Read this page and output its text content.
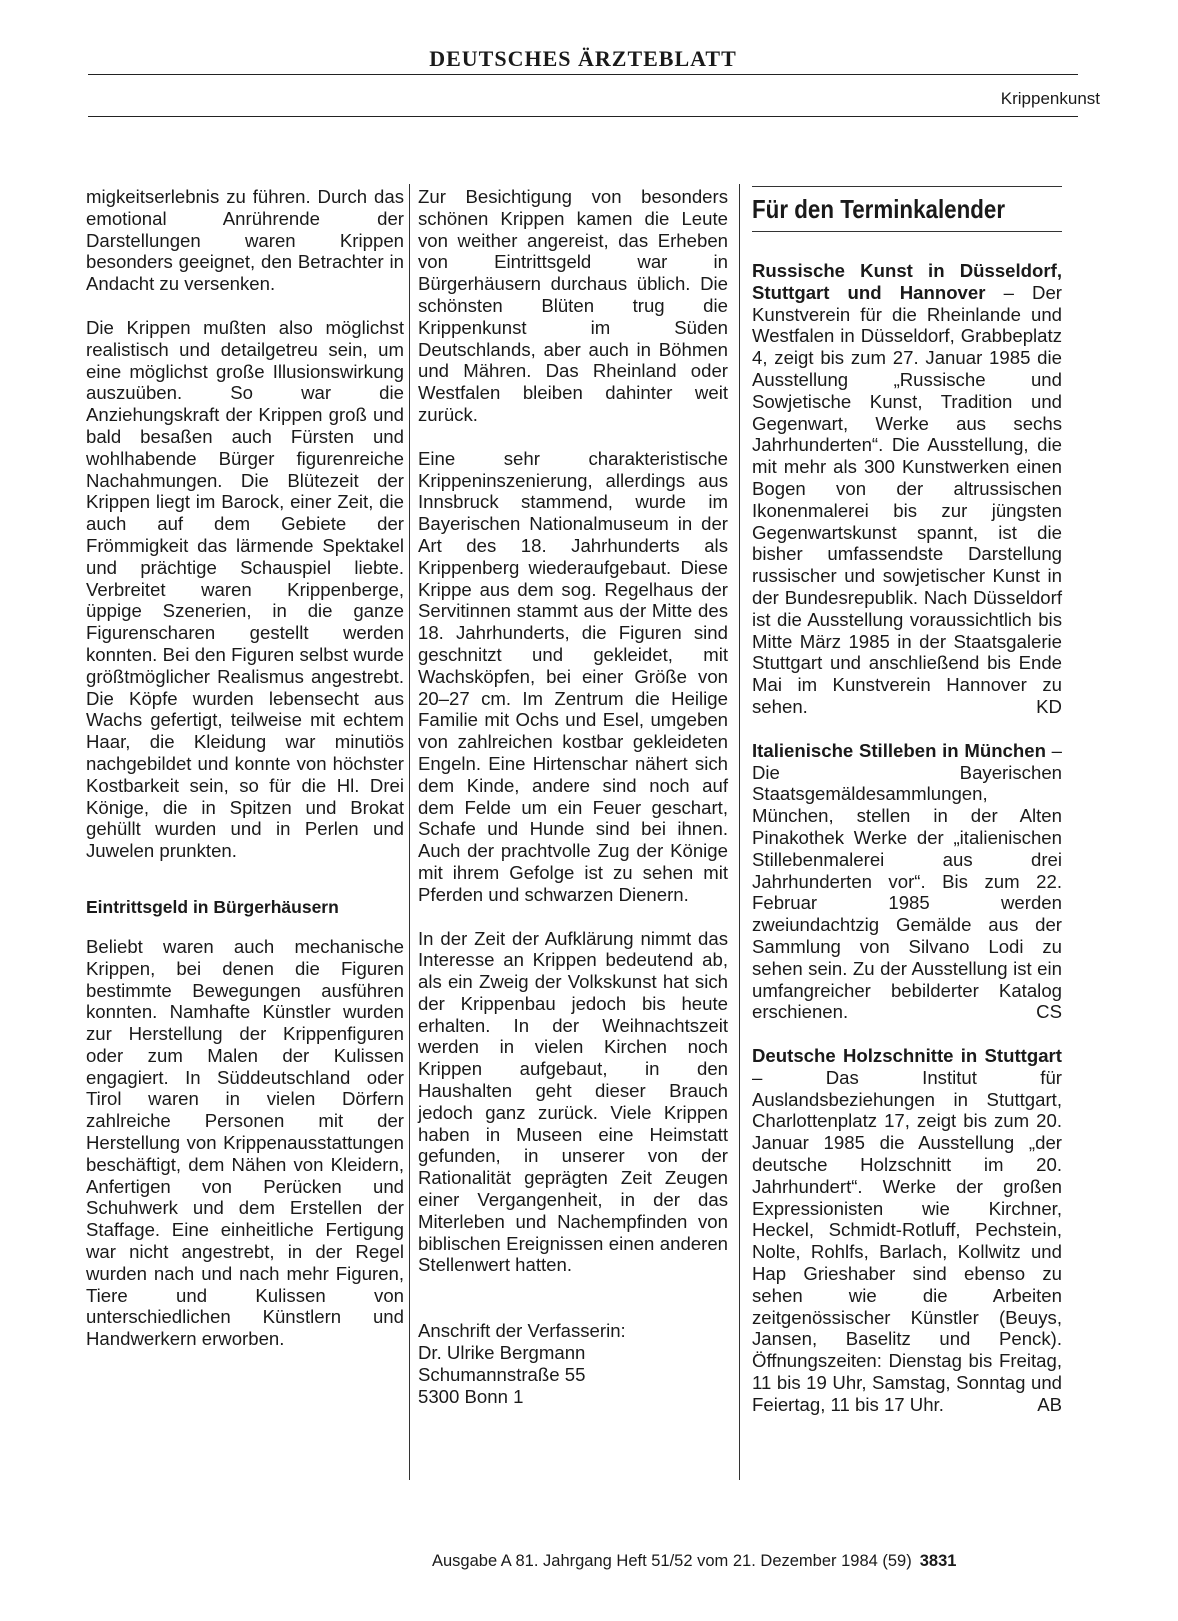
DEUTSCHES ÄRZTEBLATT
Krippenkunst

migkeitserlebnis zu führen. Durch das emotional Anrührende der Darstellungen waren Krippen besonders geeignet, den Betrachter in Andacht zu versenken.

Die Krippen mußten also möglichst realistisch und detailgetreu sein, um eine möglichst große Illusionswirkung auszuüben. So war die Anziehungskraft der Krippen groß und bald besaßen auch Fürsten und wohlhabende Bürger figurenreiche Nachahmungen. Die Blütezeit der Krippen liegt im Barock, einer Zeit, die auch auf dem Gebiete der Frömmigkeit das lärmende Spektakel und prächtige Schauspiel liebte. Verbreitet waren Krippenberge, üppige Szenerien, in die ganze Figurenscharen gestellt werden konnten. Bei den Figuren selbst wurde größtmöglicher Realismus angestrebt. Die Köpfe wurden lebensecht aus Wachs gefertigt, teilweise mit echtem Haar, die Kleidung war minutiös nachgebildet und konnte von höchster Kostbarkeit sein, so für die Hl. Drei Könige, die in Spitzen und Brokat gehüllt wurden und in Perlen und Juwelen prunkten.

Eintrittsgeld in Bürgerhäusern

Beliebt waren auch mechanische Krippen, bei denen die Figuren bestimmte Bewegungen ausführen konnten. Namhafte Künstler wurden zur Herstellung der Krippenfiguren oder zum Malen der Kulissen engagiert. In Süddeutschland oder Tirol waren in vielen Dörfern zahlreiche Personen mit der Herstellung von Krippenausstattungen beschäftigt, dem Nähen von Kleidern, Anfertigen von Perücken und Schuhwerk und dem Erstellen der Staffage. Eine einheitliche Fertigung war nicht angestrebt, in der Regel wurden nach und nach mehr Figuren, Tiere und Kulissen von unterschiedlichen Künstlern und Handwerkern erworben.

Zur Besichtigung von besonders schönen Krippen kamen die Leute von weither angereist, das Erheben von Eintrittsgeld war in Bürgerhäusern durchaus üblich. Die schönsten Blüten trug die Krippenkunst im Süden Deutschlands, aber auch in Böhmen und Mähren. Das Rheinland oder Westfalen bleiben dahinter weit zurück.

Eine sehr charakteristische Krippeninszenierung, allerdings aus Innsbruck stammend, wurde im Bayerischen Nationalmuseum in der Art des 18. Jahrhunderts als Krippenberg wiederaufgebaut. Diese Krippe aus dem sog. Regelhaus der Servitinnen stammt aus der Mitte des 18. Jahrhunderts, die Figuren sind geschnitzt und gekleidet, mit Wachsköpfen, bei einer Größe von 20–27 cm. Im Zentrum die Heilige Familie mit Ochs und Esel, umgeben von zahlreichen kostbar gekleideten Engeln. Eine Hirtenschar nähert sich dem Kinde, andere sind noch auf dem Felde um ein Feuer geschart, Schafe und Hunde sind bei ihnen. Auch der prachtvolle Zug der Könige mit ihrem Gefolge ist zu sehen mit Pferden und schwarzen Dienern.

In der Zeit der Aufklärung nimmt das Interesse an Krippen bedeutend ab, als ein Zweig der Volkskunst hat sich der Krippenbau jedoch bis heute erhalten. In der Weihnachtszeit werden in vielen Kirchen noch Krippen aufgebaut, in den Haushalten geht dieser Brauch jedoch ganz zurück. Viele Krippen haben in Museen eine Heimstatt gefunden, in unserer von der Rationalität geprägten Zeit Zeugen einer Vergangenheit, in der das Miterleben und Nachempfinden von biblischen Ereignissen einen anderen Stellenwert hatten.

Anschrift der Verfasserin:
Dr. Ulrike Bergmann
Schumannstraße 55
5300 Bonn 1
Für den Terminkalender

Russische Kunst in Düsseldorf, Stuttgart und Hannover – Der Kunstverein für die Rheinlande und Westfalen in Düsseldorf, Grabbeplatz 4, zeigt bis zum 27. Januar 1985 die Ausstellung „Russische und Sowjetische Kunst, Tradition und Gegenwart, Werke aus sechs Jahrhunderten“. Die Ausstellung, die mit mehr als 300 Kunstwerken einen Bogen von der altrussischen Ikonenmalerei bis zur jüngsten Gegenwartskunst spannt, ist die bisher umfassendste Darstellung russischer und sowjetischer Kunst in der Bundesrepublik. Nach Düsseldorf ist die Ausstellung voraussichtlich bis Mitte März 1985 in der Staatsgalerie Stuttgart und anschließend bis Ende Mai im Kunstverein Hannover zu sehen.	KD

Italienische Stilleben in München – Die Bayerischen Staatsgemäldesammlungen, München, stellen in der Alten Pinakothek Werke der „italienischen Stillebenmalerei aus drei Jahrhunderten vor“. Bis zum 22. Februar 1985 werden zweiundachtzig Gemälde aus der Sammlung von Silvano Lodi zu sehen sein. Zu der Ausstellung ist ein umfangreicher bebilderter Katalog erschienen.	CS

Deutsche Holzschnitte in Stuttgart – Das Institut für Auslandsbeziehungen in Stuttgart, Charlottenplatz 17, zeigt bis zum 20. Januar 1985 die Ausstellung „der deutsche Holzschnitt im 20. Jahrhundert“. Werke der großen Expressionisten wie Kirchner, Heckel, Schmidt-Rotluff, Pechstein, Nolte, Rohlfs, Barlach, Kollwitz und Hap Grieshaber sind ebenso zu sehen wie die Arbeiten zeitgenössischer Künstler (Beuys, Jansen, Baselitz und Penck). Öffnungszeiten: Dienstag bis Freitag, 11 bis 19 Uhr, Samstag, Sonntag und Feiertag, 11 bis 17 Uhr.	AB

Ausgabe A 81. Jahrgang Heft 51/52 vom 21. Dezember 1984 (59) 3831
